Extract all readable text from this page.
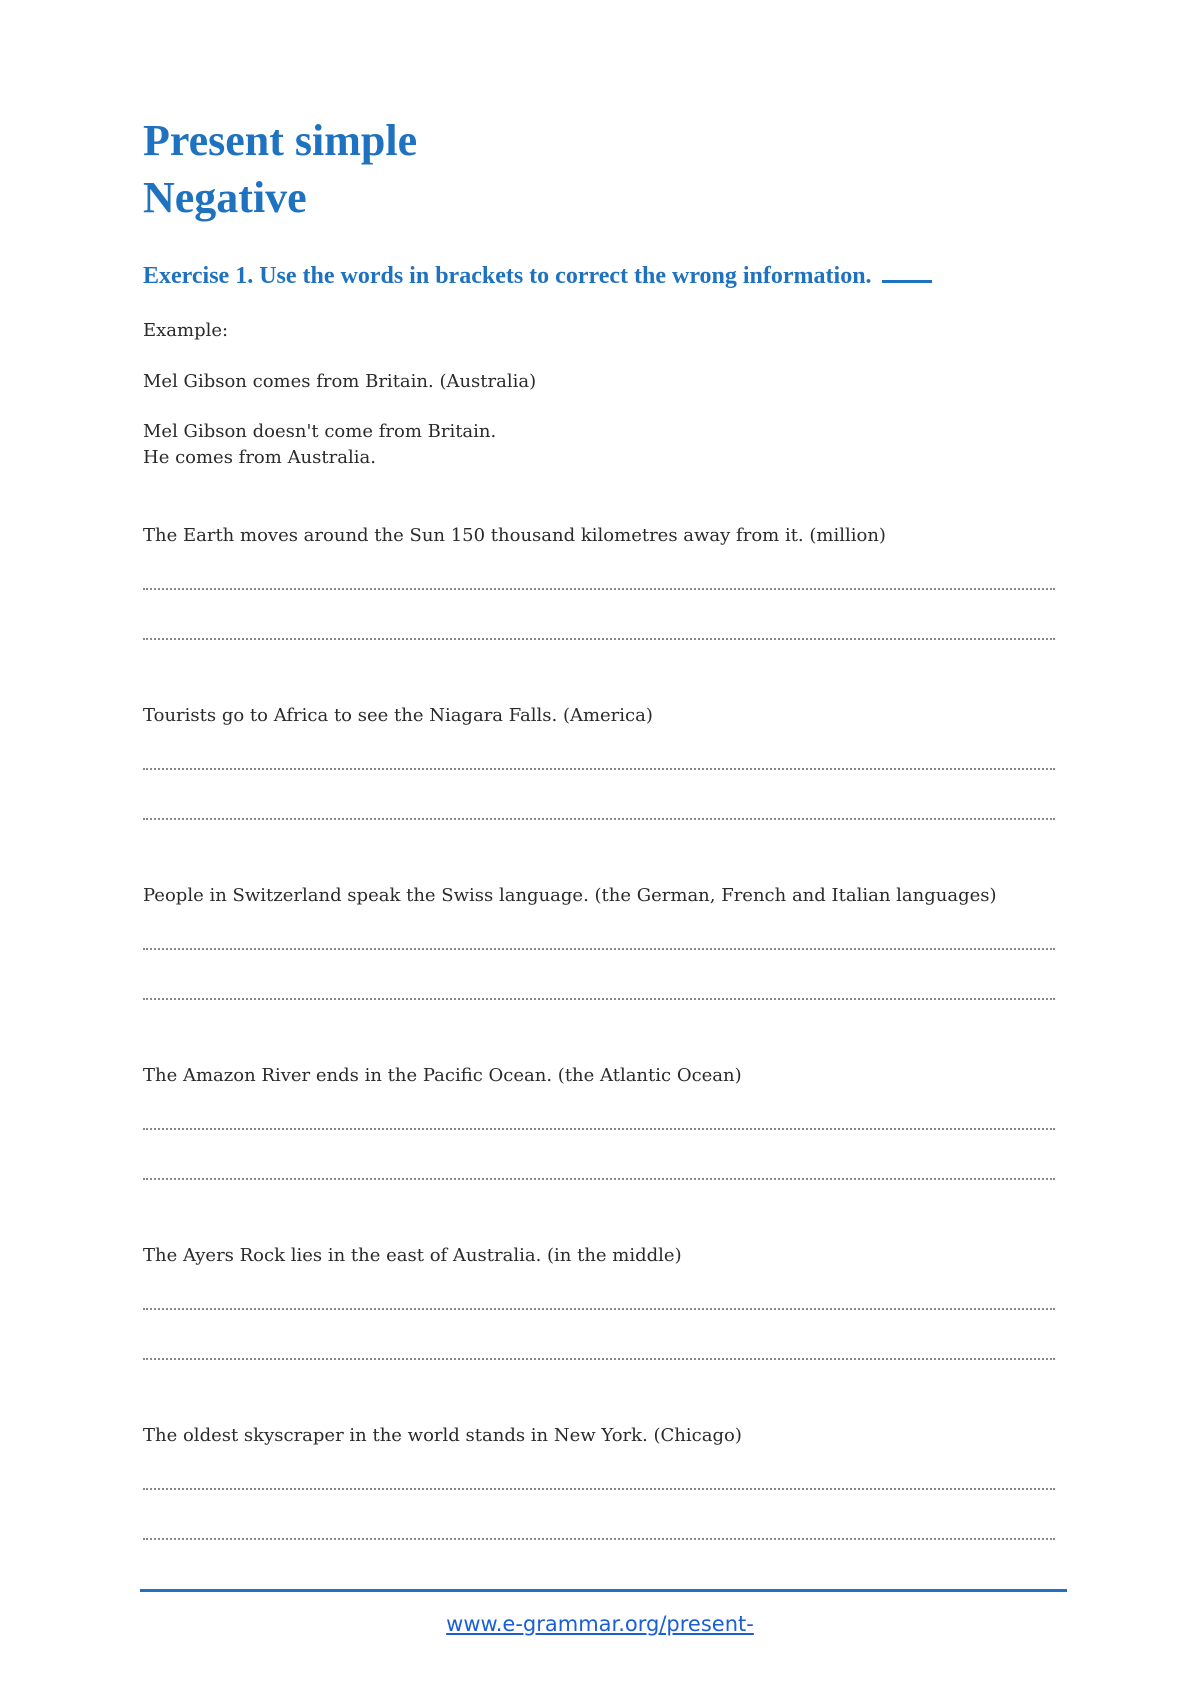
Present simple
Negative
Exercise 1. Use the words in brackets to correct the wrong information.
Example:
Mel Gibson comes from Britain. (Australia)
Mel Gibson doesn't come from Britain.
He comes from Australia.
The Earth moves around the Sun 150 thousand kilometres away from it. (million)
Tourists go to Africa to see the Niagara Falls. (America)
People in Switzerland speak the Swiss language. (the German, French and Italian languages)
The Amazon River ends in the Pacific Ocean. (the Atlantic Ocean)
The Ayers Rock lies in the east of Australia. (in the middle)
The oldest skyscraper in the world stands in New York. (Chicago)
www.e-grammar.org/present-
